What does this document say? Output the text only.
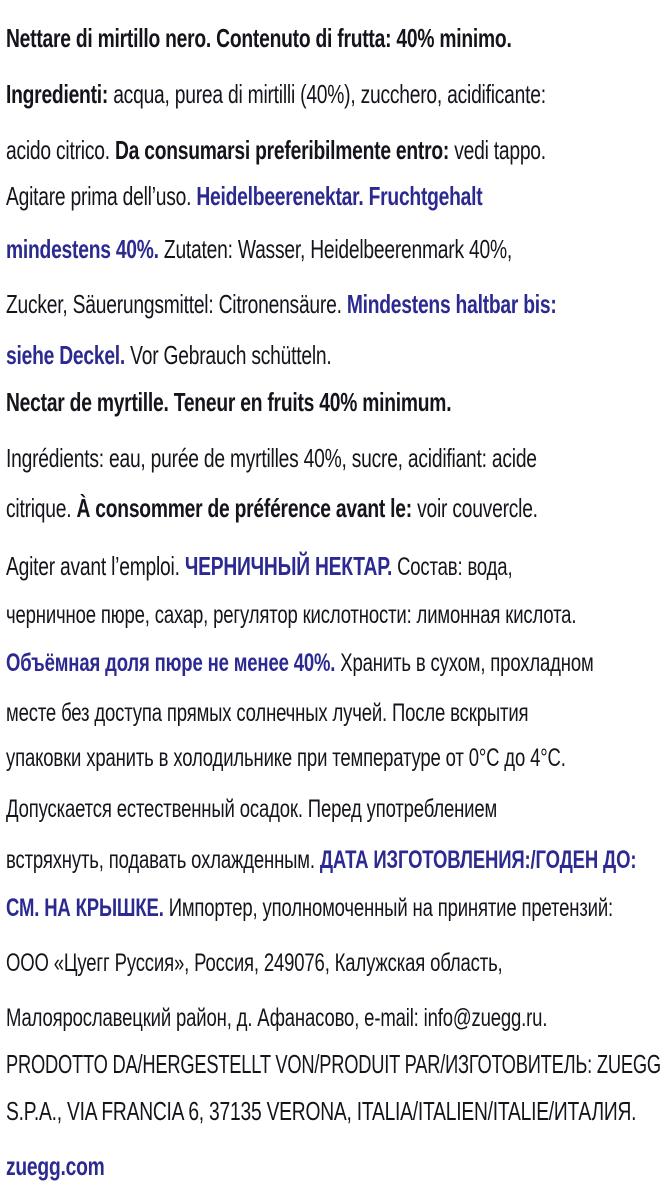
Nettare di mirtillo nero. Contenuto di frutta: 40% minimo.
Ingredienti: acqua, purea di mirtilli (40%), zucchero, acidificante:
acido citrico. Da consumarsi preferibilmente entro: vedi tappo.
Agitare prima dell’uso. Heidelbeerenektar. Fruchtgehalt
mindestens 40%. Zutaten: Wasser, Heidelbeerenmark 40%,
Zucker, Säuerungsmittel: Citronensäure. Mindestens haltbar bis:
siehe Deckel. Vor Gebrauch schütteln.
Nectar de myrtille. Teneur en fruits 40% minimum.
Ingrédients: eau, purée de myrtilles 40%, sucre, acidifiant: acide
citrique. À consommer de préférence avant le: voir couvercle.
Agiter avant l’emploi. ЧЕРНИЧНЫЙ НЕКТАР. Состав: вода,
черничное пюре, сахар, регулятор кислотности: лимонная кислота.
Объёмная доля пюре не менее 40%. Хранить в сухом, прохладном
месте без доступа прямых солнечных лучей. После вскрытия
упаковки хранить в холодильнике при температуре от 0°C до 4°C.
Допускается естественный осадок. Перед употреблением
встряхнуть, подавать охлажденным. ДАТА ИЗГОТОВЛЕНИЯ:/ГОДЕН ДО:
СМ. НА КРЫШКЕ. Импортер, уполномоченный на принятие претензий:
ООО «Цуегг Руссия», Россия, 249076, Калужская область,
Малоярославецкий район, д. Афанасово, e-mail: info@zuegg.ru.
PRODOTTO DA/HERGESTELLT VON/PRODUIT PAR/ИЗГОТОВИТЕЛЬ: ZUEGG
S.P.A., VIA FRANCIA 6, 37135 VERONA, ITALIA/ITALIEN/ITALIE/ИТАЛИЯ.
zuegg.com
